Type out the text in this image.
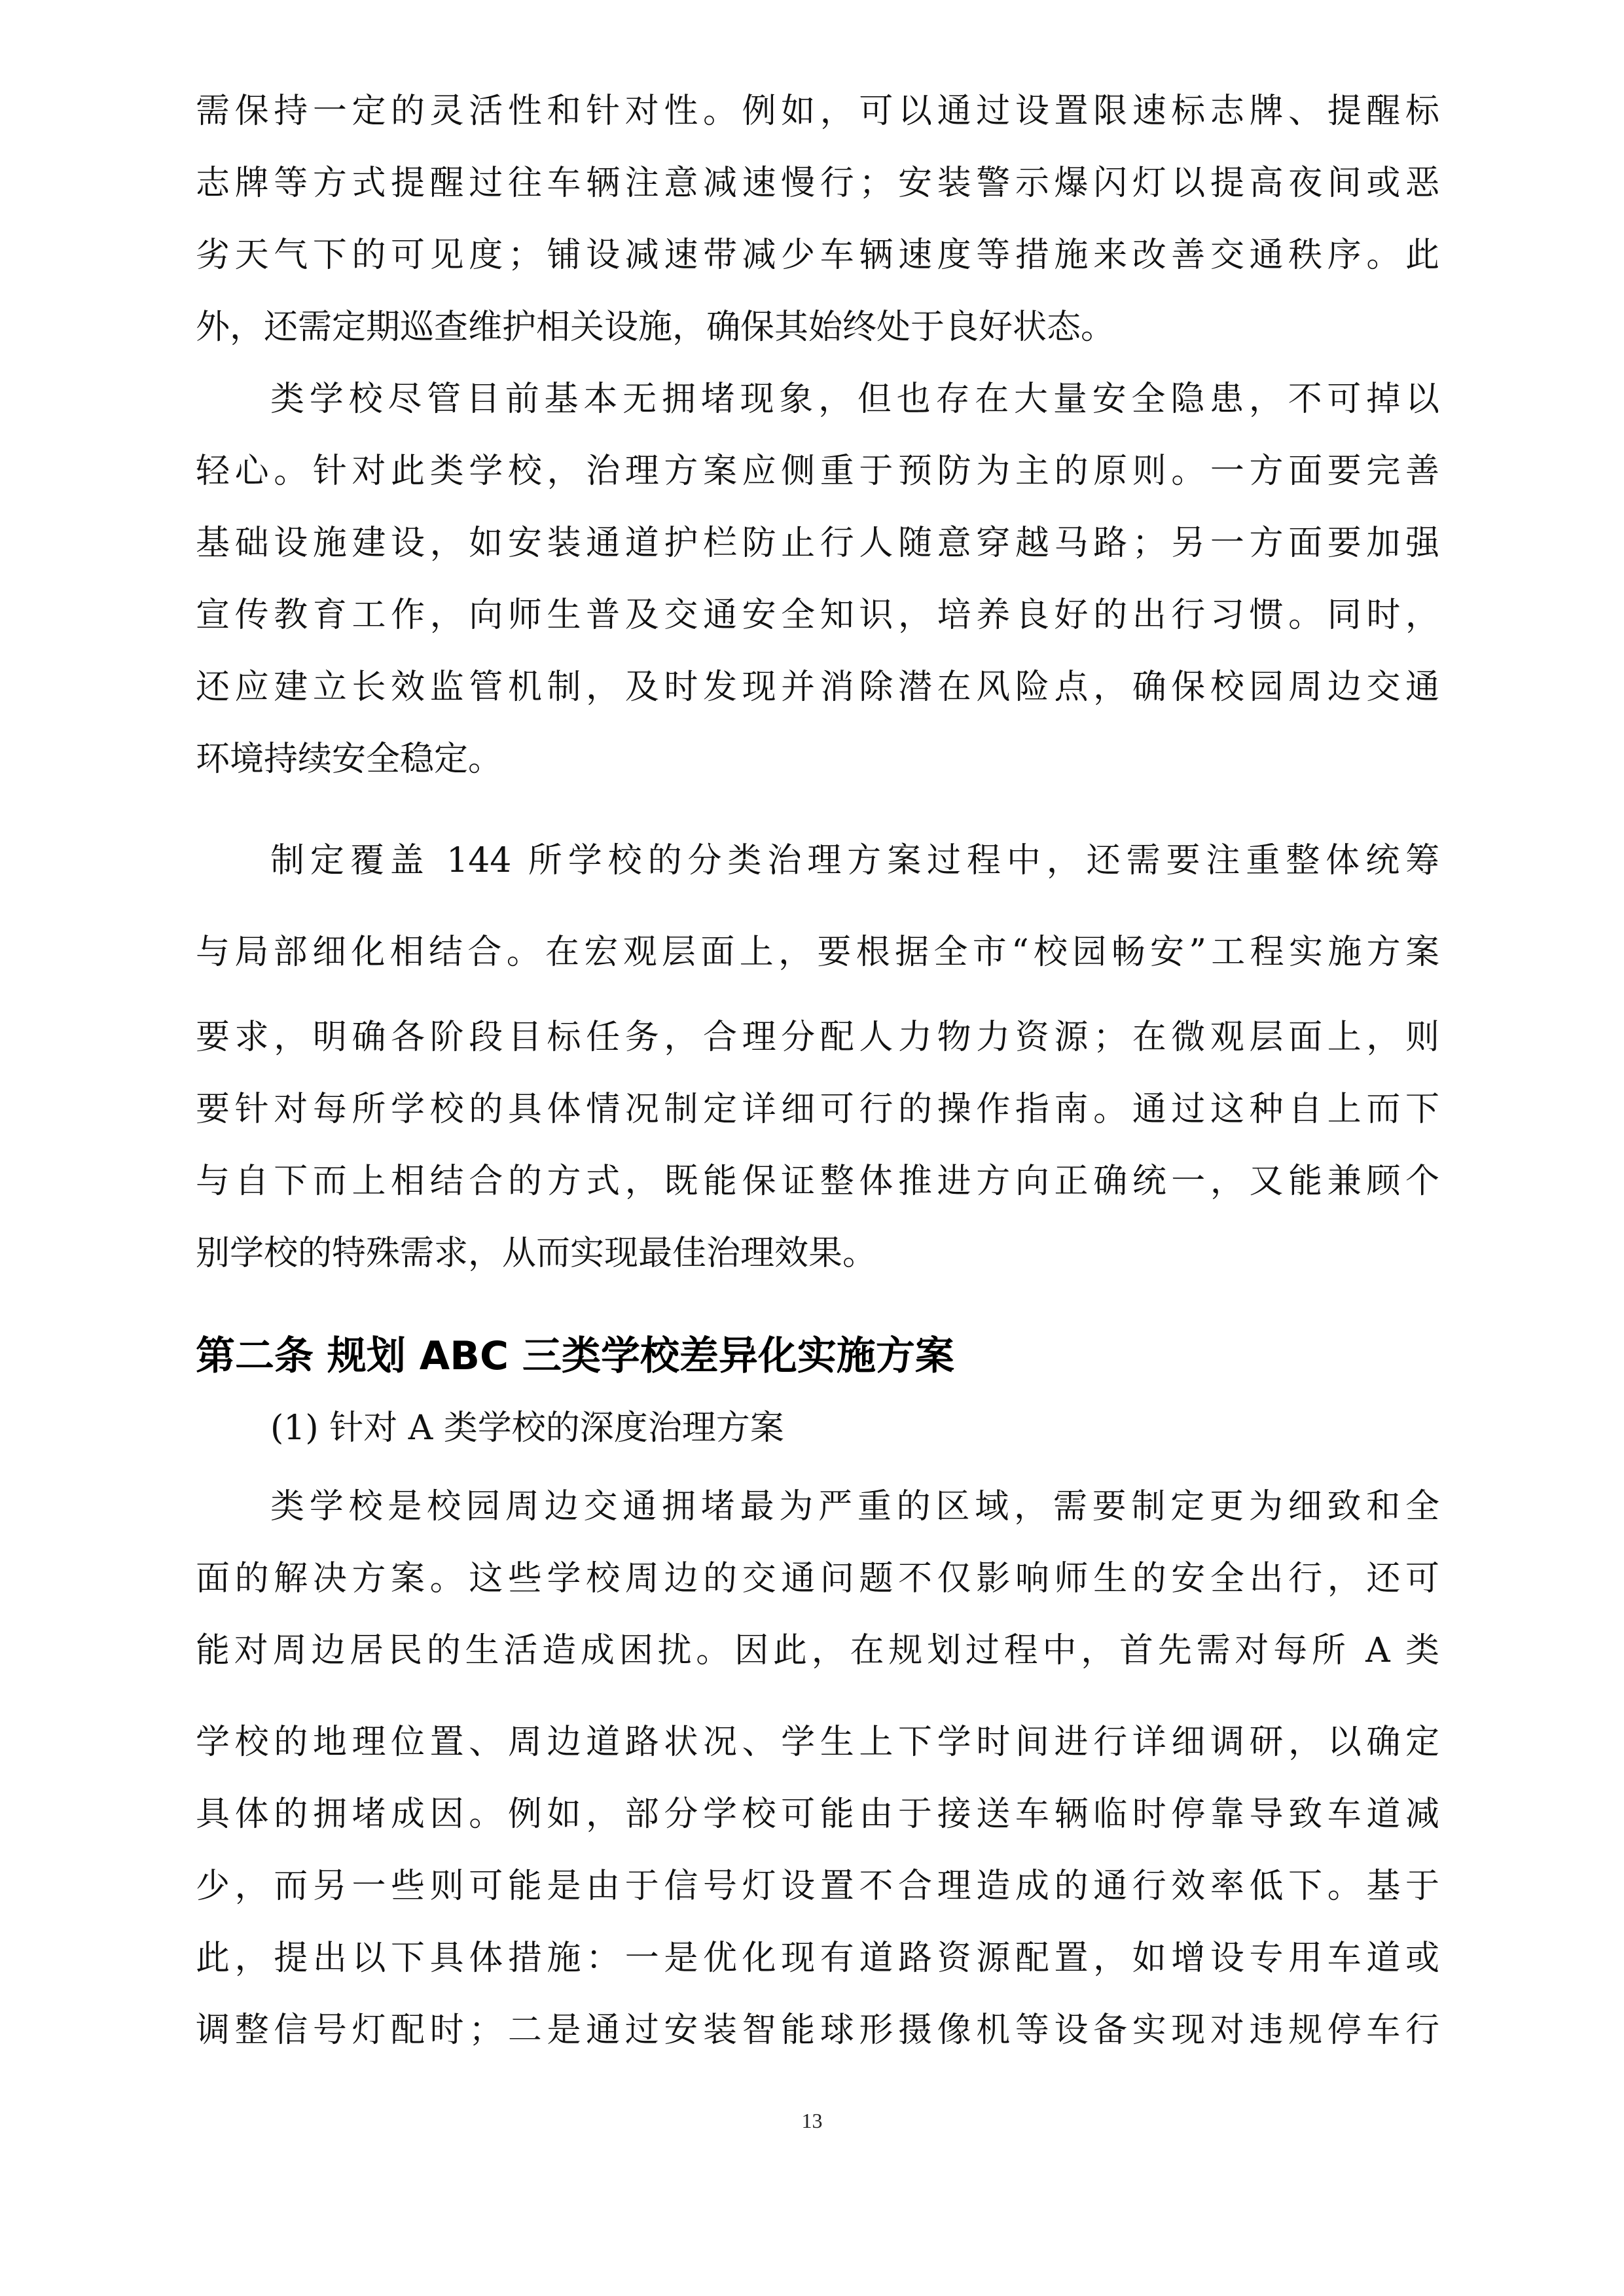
需保持一定的灵活性和针对性。例如，可以通过设置限速标志牌、提醒标
志牌等方式提醒过往车辆注意减速慢行；安装警示爆闪灯以提高夜间或恶
劣天气下的可见度；铺设减速带减少车辆速度等措施来改善交通秩序。此
外，还需定期巡查维护相关设施，确保其始终处于良好状态。
类学校尽管目前基本无拥堵现象，但也存在大量安全隐患，不可掉以
轻心。针对此类学校，治理方案应侧重于预防为主的原则。一方面要完善
基础设施建设，如安装通道护栏防止行人随意穿越马路；另一方面要加强
宣传教育工作，向师生普及交通安全知识，培养良好的出行习惯。同时，
还应建立长效监管机制，及时发现并消除潜在风险点，确保校园周边交通
环境持续安全稳定。
制定覆盖 144 所学校的分类治理方案过程中，还需要注重整体统筹
与局部细化相结合。在宏观层面上，要根据全市“校园畅安”工程实施方案
要求，明确各阶段目标任务，合理分配人力物力资源；在微观层面上，则
要针对每所学校的具体情况制定详细可行的操作指南。通过这种自上而下
与自下而上相结合的方式，既能保证整体推进方向正确统一，又能兼顾个
别学校的特殊需求，从而实现最佳治理效果。
第二条 规划 ABC 三类学校差异化实施方案
(1) 针对 A 类学校的深度治理方案
类学校是校园周边交通拥堵最为严重的区域，需要制定更为细致和全
面的解决方案。这些学校周边的交通问题不仅影响师生的安全出行，还可
能对周边居民的生活造成困扰。因此，在规划过程中，首先需对每所 A 类
学校的地理位置、周边道路状况、学生上下学时间进行详细调研，以确定
具体的拥堵成因。例如，部分学校可能由于接送车辆临时停靠导致车道减
少，而另一些则可能是由于信号灯设置不合理造成的通行效率低下。基于
此，提出以下具体措施：一是优化现有道路资源配置，如增设专用车道或
调整信号灯配时；二是通过安装智能球形摄像机等设备实现对违规停车行
13
